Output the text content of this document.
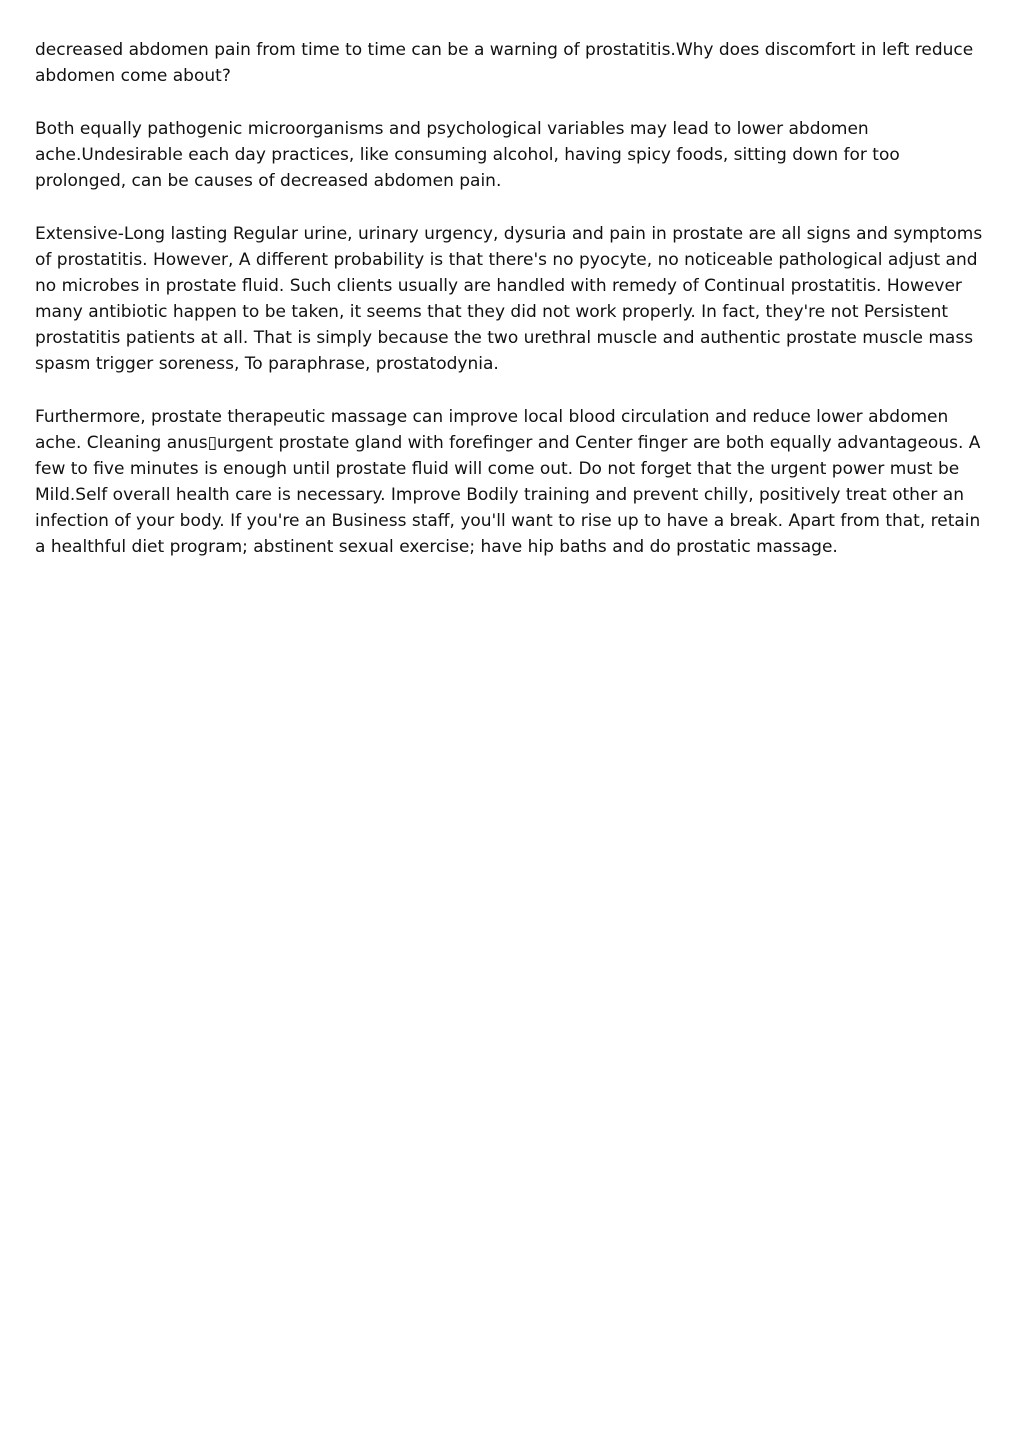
decreased abdomen pain from time to time can be a warning of prostatitis.Why does discomfort in left reduce abdomen come about?

Both equally pathogenic microorganisms and psychological variables may lead to lower abdomen ache.Undesirable each day practices, like consuming alcohol, having spicy foods, sitting down for too prolonged, can be causes of decreased abdomen pain.

Extensive-Long lasting Regular urine, urinary urgency, dysuria and pain in prostate are all signs and symptoms of prostatitis. However, A different probability is that there's no pyocyte, no noticeable pathological adjust and no microbes in prostate fluid. Such clients usually are handled with remedy of Continual prostatitis. However many antibiotic happen to be taken, it seems that they did not work properly. In fact, they're not Persistent prostatitis patients at all. That is simply because the two urethral muscle and authentic prostate muscle mass spasm trigger soreness, To paraphrase, prostatodynia.

Furthermore, prostate therapeutic massage can improve local blood circulation and reduce lower abdomen ache. Cleaning anus▯urgent prostate gland with forefinger and Center finger are both equally advantageous. A few to five minutes is enough until prostate fluid will come out. Do not forget that the urgent power must be Mild.Self overall health care is necessary. Improve Bodily training and prevent chilly, positively treat other an infection of your body. If you're an Business staff, you'll want to rise up to have a break. Apart from that, retain a healthful diet program; abstinent sexual exercise; have hip baths and do prostatic massage.
